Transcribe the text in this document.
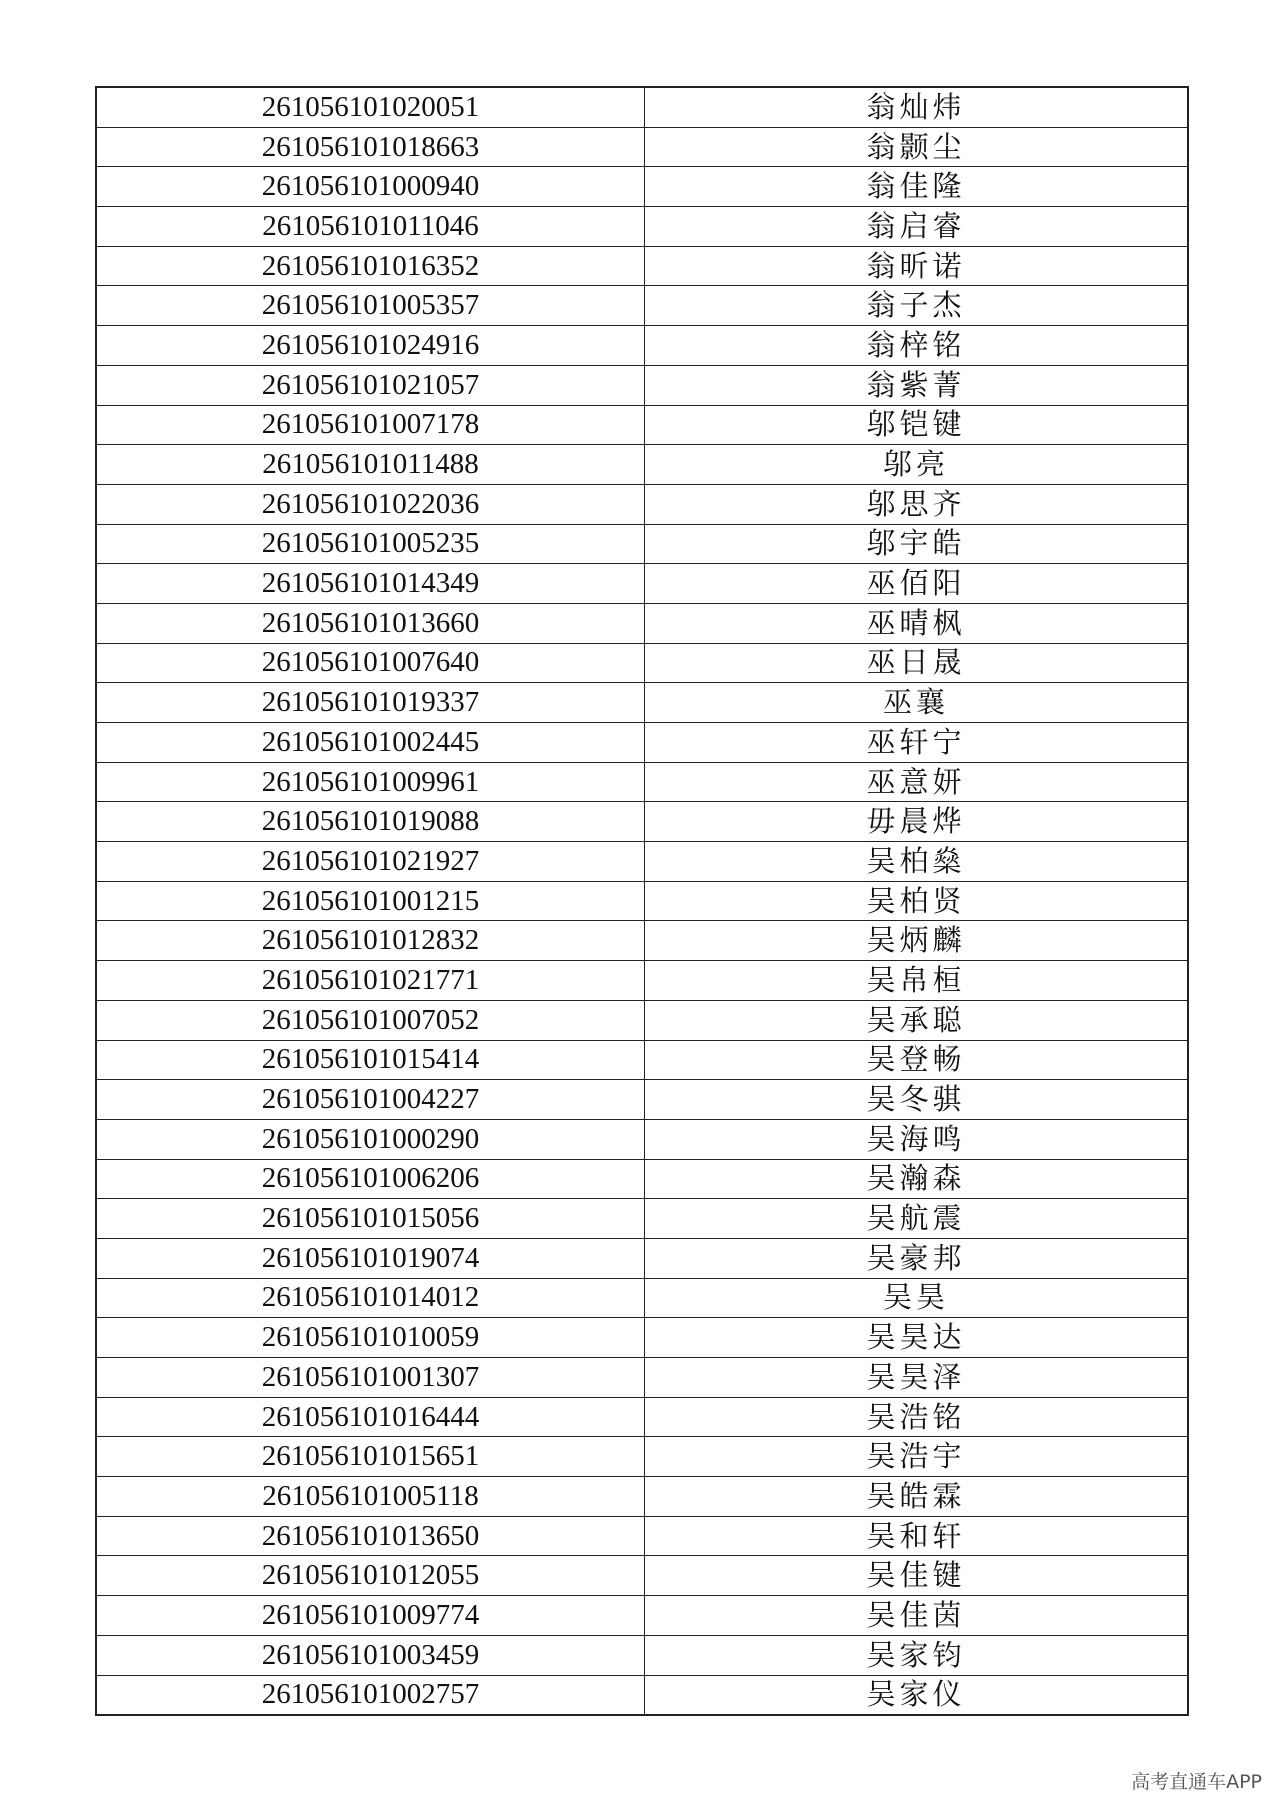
261056101020051	翁灿炜
261056101018663	翁颢尘
261056101000940	翁佳隆
261056101011046	翁启睿
261056101016352	翁昕诺
261056101005357	翁子杰
261056101024916	翁梓铭
261056101021057	翁紫菁
261056101007178	邬铠键
261056101011488	邬亮
261056101022036	邬思齐
261056101005235	邬宇皓
261056101014349	巫佰阳
261056101013660	巫晴枫
261056101007640	巫日晟
261056101019337	巫襄
261056101002445	巫轩宁
261056101009961	巫意妍
261056101019088	毋晨烨
261056101021927	吴柏燊
261056101001215	吴柏贤
261056101012832	吴炳麟
261056101021771	吴帛桓
261056101007052	吴承聪
261056101015414	吴登畅
261056101004227	吴冬骐
261056101000290	吴海鸣
261056101006206	吴瀚森
261056101015056	吴航震
261056101019074	吴豪邦
261056101014012	吴昊
261056101010059	吴昊达
261056101001307	吴昊泽
261056101016444	吴浩铭
261056101015651	吴浩宇
261056101005118	吴皓霖
261056101013650	吴和轩
261056101012055	吴佳键
261056101009774	吴佳茵
261056101003459	吴家钧
261056101002757	吴家仪
高考直通车APP
